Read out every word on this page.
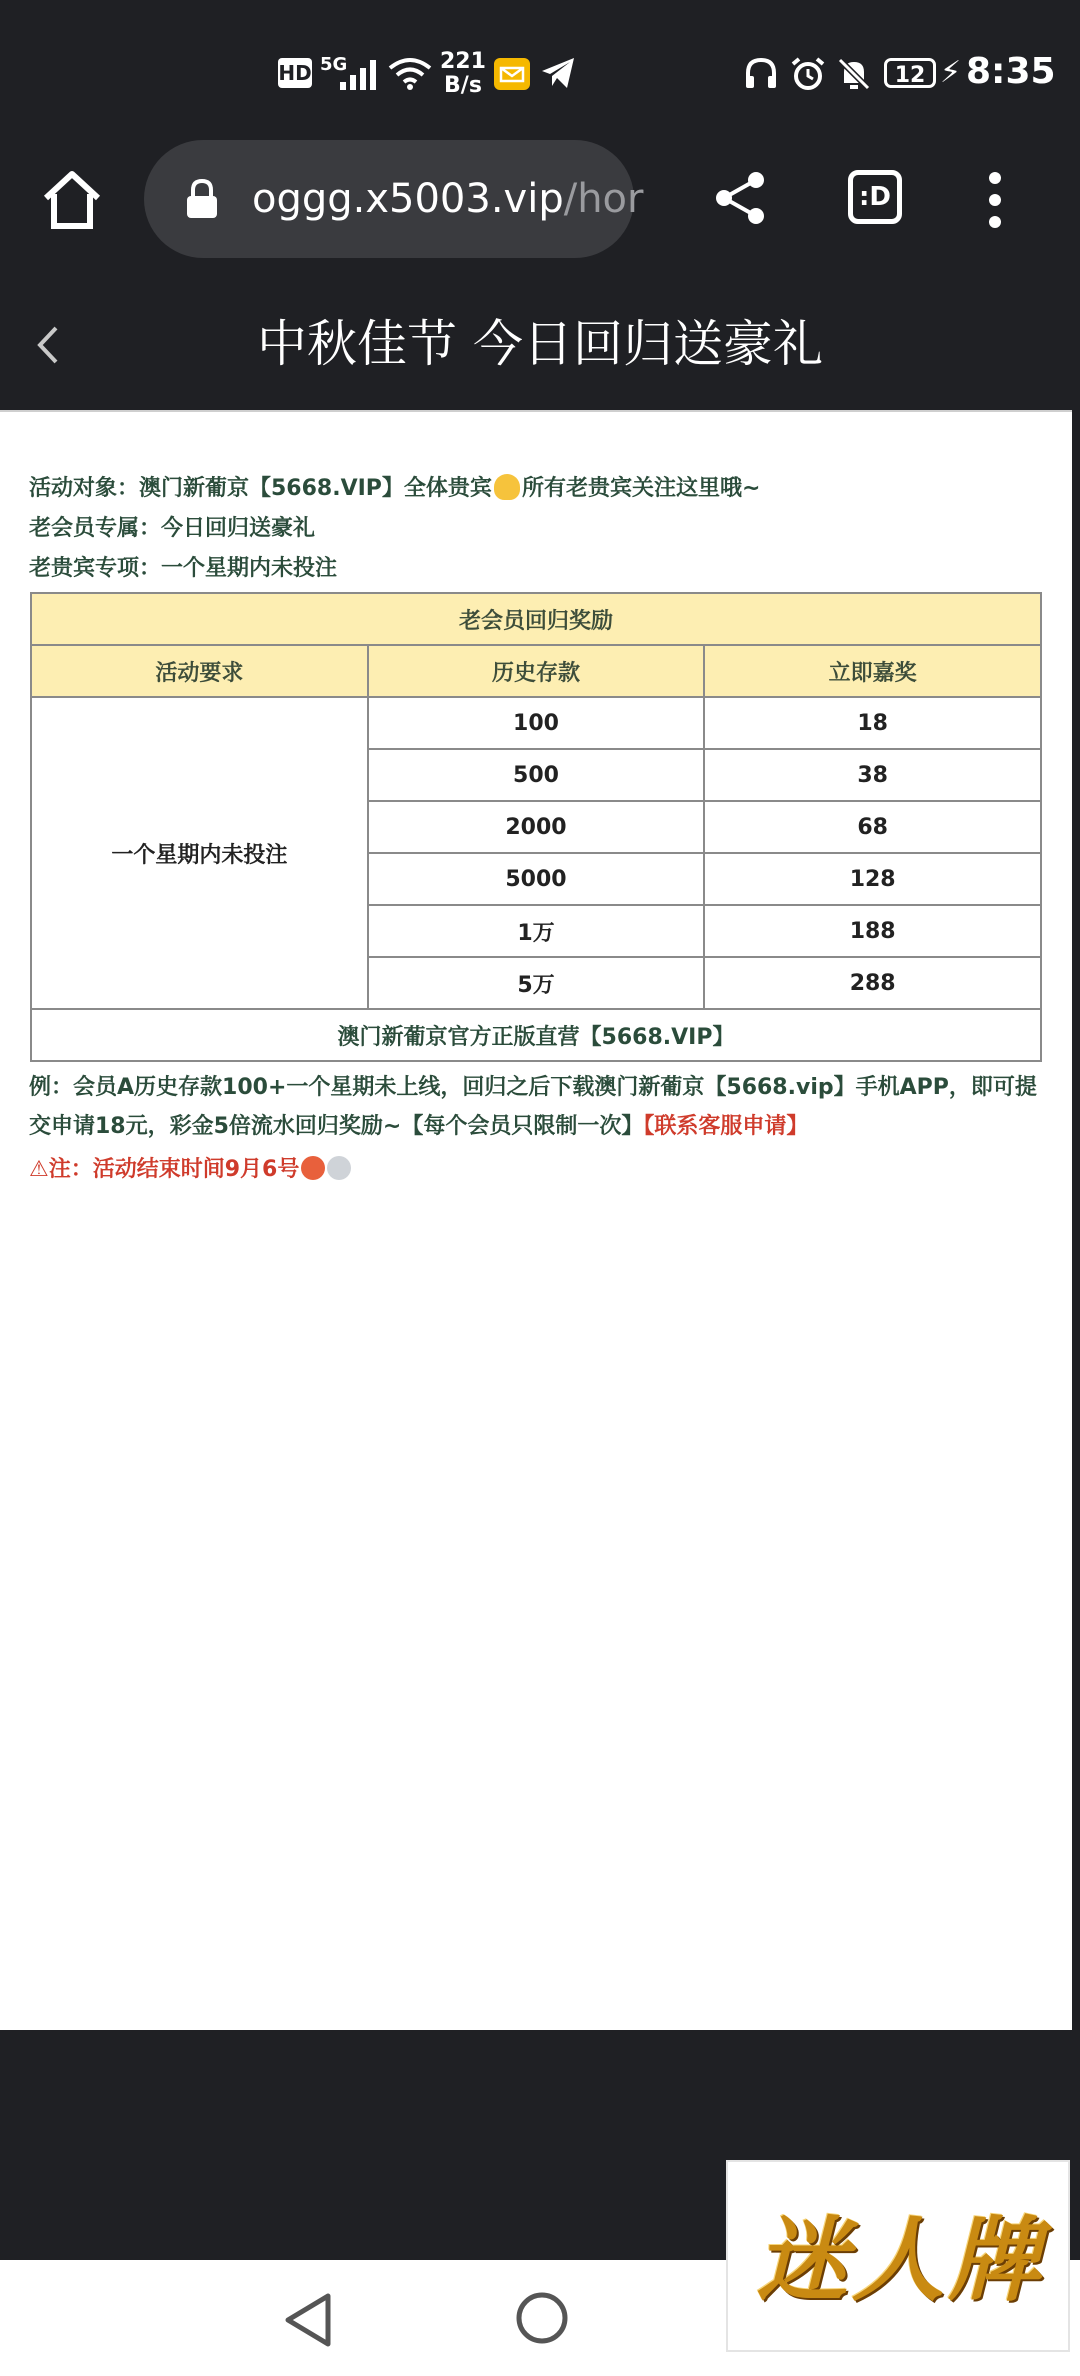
HD 5G	221
B/s	12 ⚡ 8:35
oggg.x5003.vip/hor	:D
中秋佳节 今日回归送豪礼
活动对象：澳门新葡京【5668.VIP】全体贵宾 所有老贵宾关注这里哦~
老会员专属：今日回归送豪礼
老贵宾专项：一个星期内未投注
老会员回归奖励		
活动要求	历史存款	立即嘉奖
一个星期内未投注	100	18
	500	38
	2000	68
	5000	128
	1万	188
	5万	288
澳门新葡京官方正版直营【5668.VIP】		
例：会员A历史存款100+一个星期未上线，回归之后下载澳门新葡京【5668.vip】手机APP，即可提交申请18元，彩金5倍流水回归奖励~【每个会员只限制一次】【联系客服申请】
⚠注：活动结束时间9月6号
迷人牌
